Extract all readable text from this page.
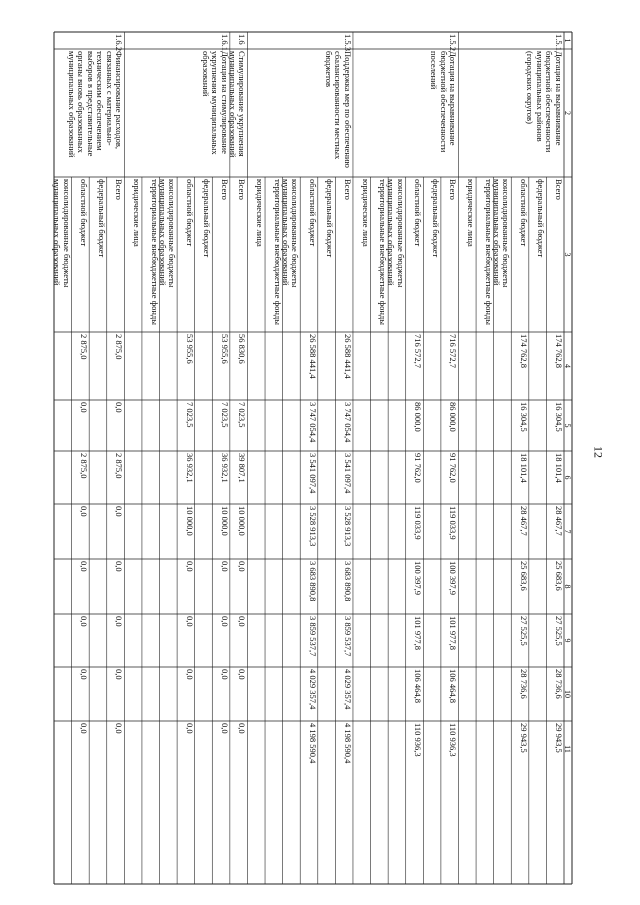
12
1
2
3
4
5
6
7
8
9
10
11
1.5.1
Дотация на выравнивание бюджетной обеспеченности муниципальных районов (городских округов)
1.5.2
Дотация на выравнивание бюджетной обеспеченности поселений
1.5.3
Поддержка мер по обеспечению сбалансированности местных бюджетов
1.6
Стимулирование укрупнения муниципальных образований
1.6.1
Дотации на стимулирование укрупнения муниципальных образований
1.6.2
Финансирование расходов, связанных с материально-техническим обеспечением выборов в представительные органы вновь образованных муниципальных образований
Всего
174 762,8
16 304,5
18 101,4
28 467,7
25 683,6
27 525,5
28 736,6
29 943,5
федеральный бюджет
областной бюджет
174 762,8
16 304,5
18 101,4
28 467,7
25 683,6
27 525,5
28 736,6
29 943,5
консолидированные бюджеты муниципальных образований
территориальные внебюджетные фонды
юридические лица
Всего
716 572,7
86 000,0
91 762,0
119 033,9
100 397,9
101 977,8
106 464,8
110 936,3
федеральный бюджет
областной бюджет
716 572,7
86 000,0
91 762,0
119 033,9
100 397,9
101 977,8
106 464,8
110 936,3
консолидированные бюджеты муниципальных образований
территориальные внебюджетные фонды
юридические лица
Всего
26 588 441,4
3 747 054,4
3 541 097,4
3 528 913,3
3 683 890,8
3 859 537,7
4 029 357,4
4 198 590,4
федеральный бюджет
областной бюджет
26 588 441,4
3 747 054,4
3 541 097,4
3 528 913,3
3 683 890,8
3 859 537,7
4 029 357,4
4 198 590,4
консолидированные бюджеты муниципальных образований
территориальные внебюджетные фонды
юридические лица
Всего
56 830,6
7 023,5
39 807,1
10 000,0
0,0
0,0
0,0
0,0
Всего
53 955,6
7 023,5
36 932,1
10 000,0
0,0
0,0
0,0
0,0
федеральный бюджет
областной бюджет
53 955,6
7 023,5
36 932,1
10 000,0
0,0
0,0
0,0
0,0
консолидированные бюджеты муниципальных образований
территориальные внебюджетные фонды
юридические лица
Всего
2 875,0
0,0
2 875,0
0,0
0,0
0,0
0,0
0,0
федеральный бюджет
областной бюджет
2 875,0
0,0
2 875,0
0,0
0,0
0,0
0,0
0,0
консолидированные бюджеты муниципальных образований
